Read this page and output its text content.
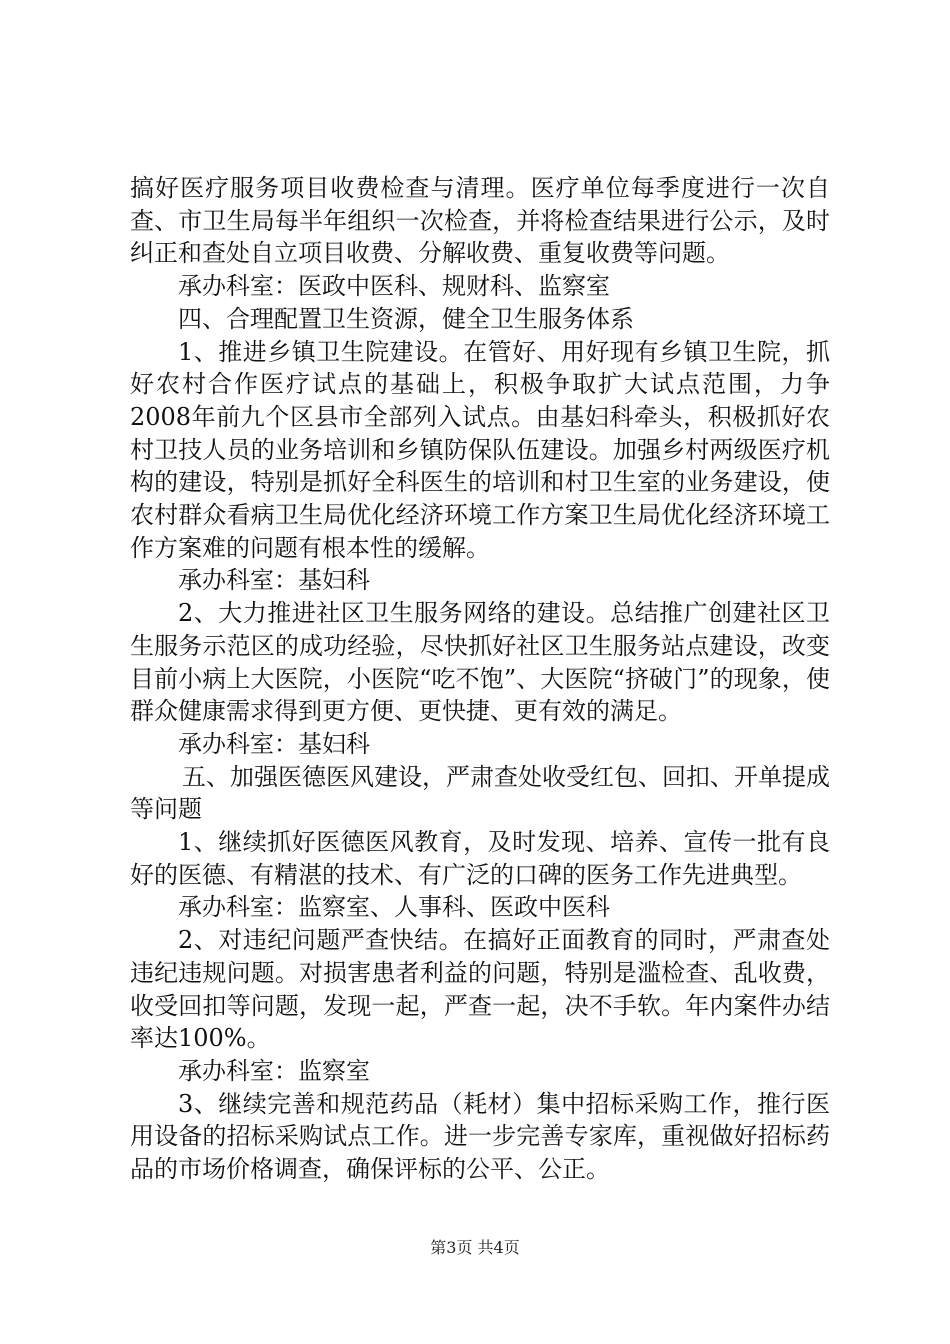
搞好医疗服务项目收费检查与清理。医疗单位每季度进行一次自查、市卫生局每半年组织一次检查，并将检查结果进行公示，及时纠正和查处自立项目收费、分解收费、重复收费等问题。

承办科室：医政中医科、规财科、监察室

四、合理配置卫生资源，健全卫生服务体系

1、推进乡镇卫生院建设。在管好、用好现有乡镇卫生院，抓好农村合作医疗试点的基础上，积极争取扩大试点范围，力争2008年前九个区县市全部列入试点。由基妇科牵头，积极抓好农村卫技人员的业务培训和乡镇防保队伍建设。加强乡村两级医疗机构的建设，特别是抓好全科医生的培训和村卫生室的业务建设，使农村群众看病卫生局优化经济环境工作方案卫生局优化经济环境工作方案难的问题有根本性的缓解。

承办科室：基妇科

2、大力推进社区卫生服务网络的建设。总结推广创建社区卫生服务示范区的成功经验，尽快抓好社区卫生服务站点建设，改变目前小病上大医院，小医院“吃不饱”、大医院“挤破门”的现象，使群众健康需求得到更方便、更快捷、更有效的满足。

承办科室：基妇科

五、加强医德医风建设，严肃查处收受红包、回扣、开单提成等问题

1、继续抓好医德医风教育，及时发现、培养、宣传一批有良好的医德、有精湛的技术、有广泛的口碑的医务工作先进典型。

承办科室：监察室、人事科、医政中医科

2、对违纪问题严查快结。在搞好正面教育的同时，严肃查处违纪违规问题。对损害患者利益的问题，特别是滥检查、乱收费，收受回扣等问题，发现一起，严查一起，决不手软。年内案件办结率达100%。

承办科室：监察室

3、继续完善和规范药品（耗材）集中招标采购工作，推行医用设备的招标采购试点工作。进一步完善专家库，重视做好招标药品的市场价格调查，确保评标的公平、公正。

第3页 共4页
